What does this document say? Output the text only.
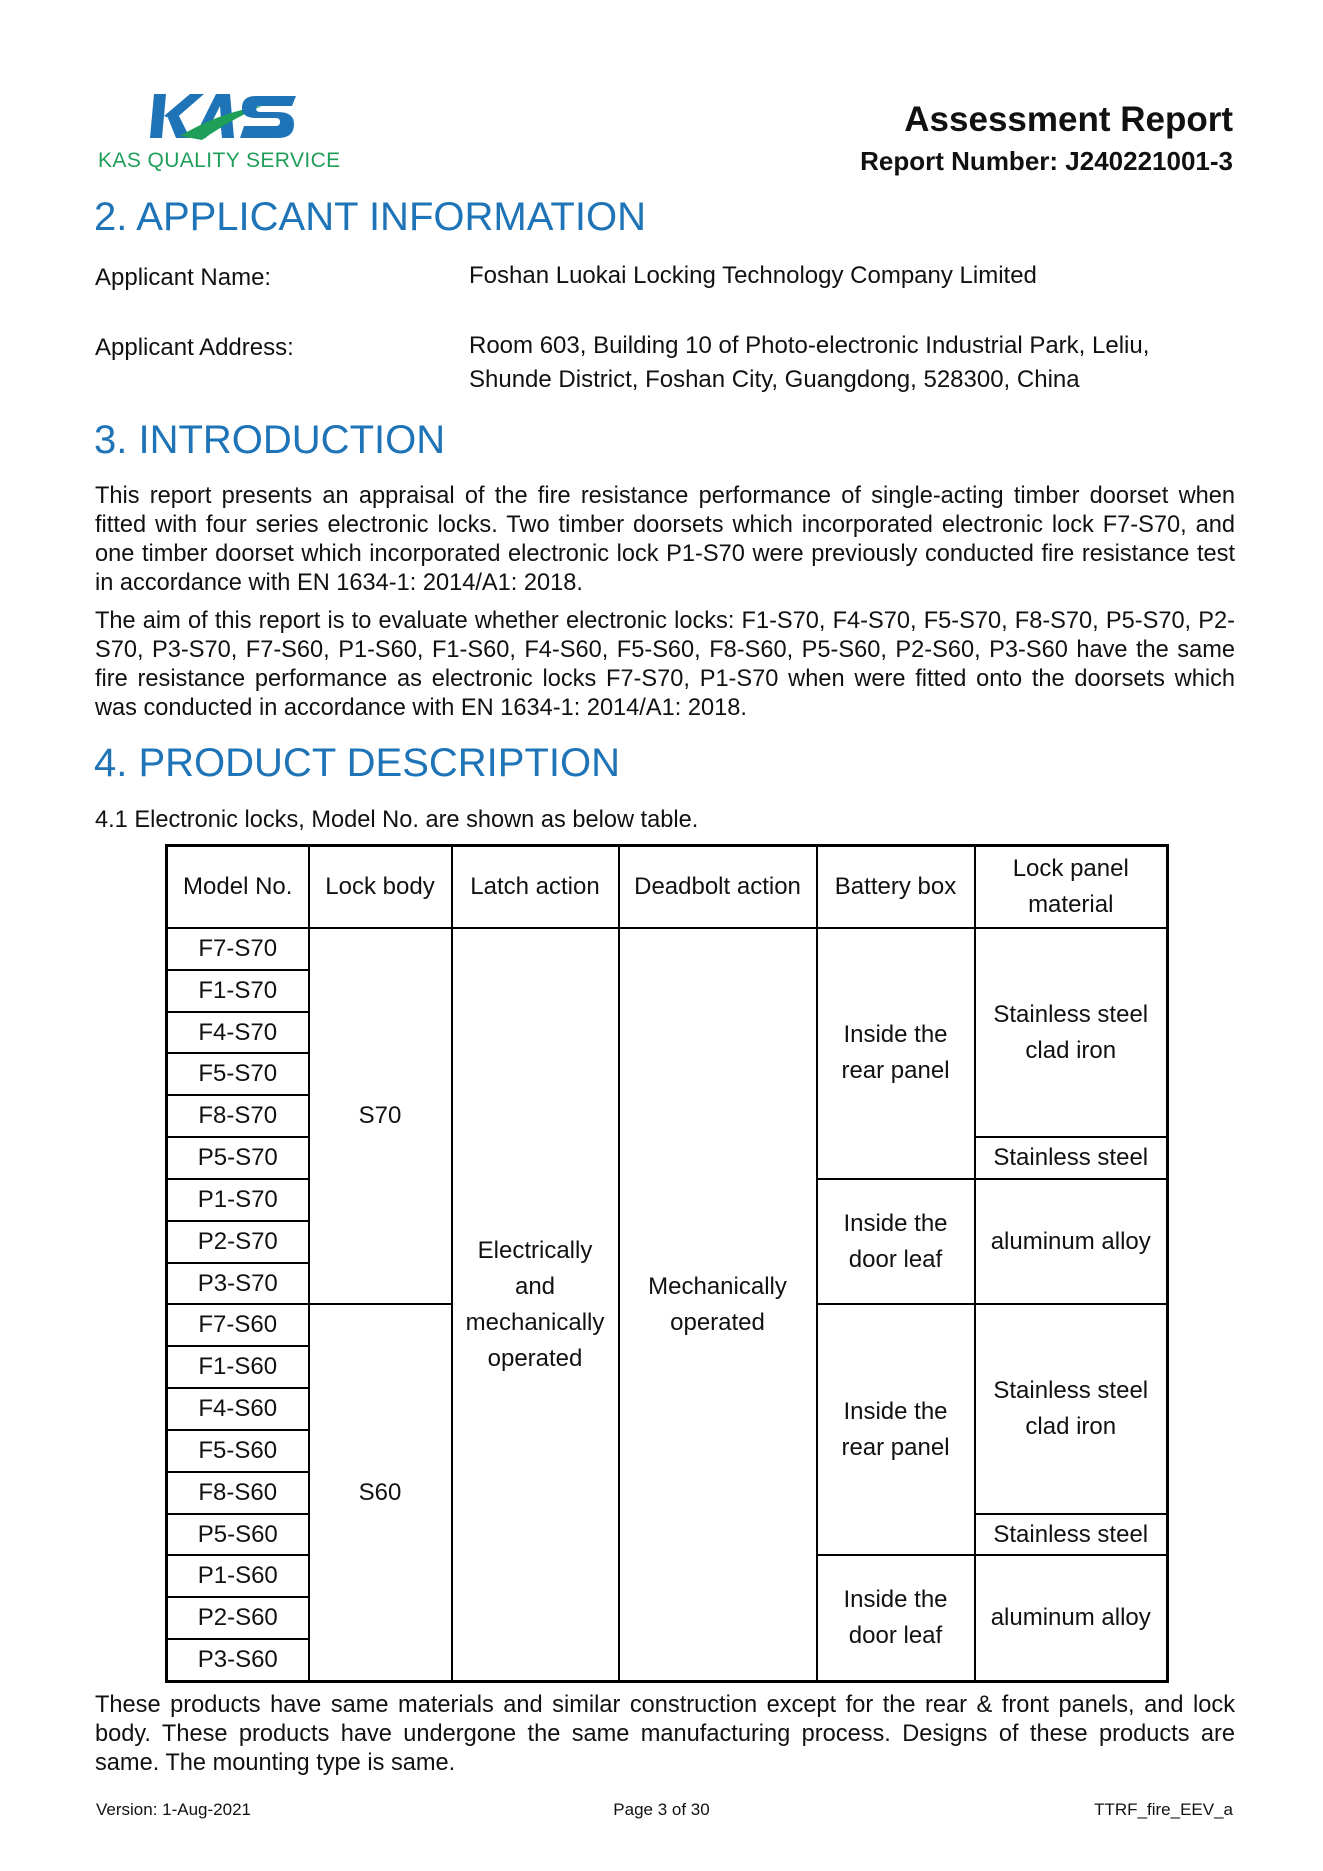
KAS QUALITY SERVICE
Assessment Report
Report Number: J240221001-3
2. APPLICANT INFORMATION
Applicant Name:	Foshan Luokai Locking Technology Company Limited
Applicant Address:	Room 603, Building 10 of Photo-electronic Industrial Park, Leliu,
Shunde District, Foshan City, Guangdong, 528300, China
3. INTRODUCTION
This report presents an appraisal of the fire resistance performance of single-acting timber doorset when fitted with four series electronic locks. Two timber doorsets which incorporated electronic lock F7-S70, and one timber doorset which incorporated electronic lock P1-S70 were previously conducted fire resistance test in accordance with EN 1634-1: 2014/A1: 2018.
The aim of this report is to evaluate whether electronic locks: F1-S70, F4-S70, F5-S70, F8-S70, P5-S70, P2-S70, P3-S70, F7-S60, P1-S60, F1-S60, F4-S60, F5-S60, F8-S60, P5-S60, P2-S60, P3-S60 have the same fire resistance performance as electronic locks F7-S70, P1-S70 when were fitted onto the doorsets which was conducted in accordance with EN 1634-1: 2014/A1: 2018.
4. PRODUCT DESCRIPTION
4.1 Electronic locks, Model No. are shown as below table.
Model No.	Lock body	Latch action	Deadbolt action	Battery box	Lock panel material
F7-S70	S70	Electrically and mechanically operated	Mechanically operated	Inside the rear panel	Stainless steel clad iron
F1-S70					
F4-S70					
F5-S70					
F8-S70					
P5-S70					Stainless steel
P1-S70				Inside the door leaf	aluminum alloy
P2-S70					
P3-S70					
F7-S60	S60			Inside the rear panel	Stainless steel clad iron
F1-S60					
F4-S60					
F5-S60					
F8-S60					
P5-S60					Stainless steel
P1-S60				Inside the door leaf	aluminum alloy
P2-S60					
P3-S60					
These products have same materials and similar construction except for the rear & front panels, and lock body. These products have undergone the same manufacturing process. Designs of these products are same. The mounting type is same.
Version: 1-Aug-2021	Page 3 of 30	TTRF_fire_EEV_a
